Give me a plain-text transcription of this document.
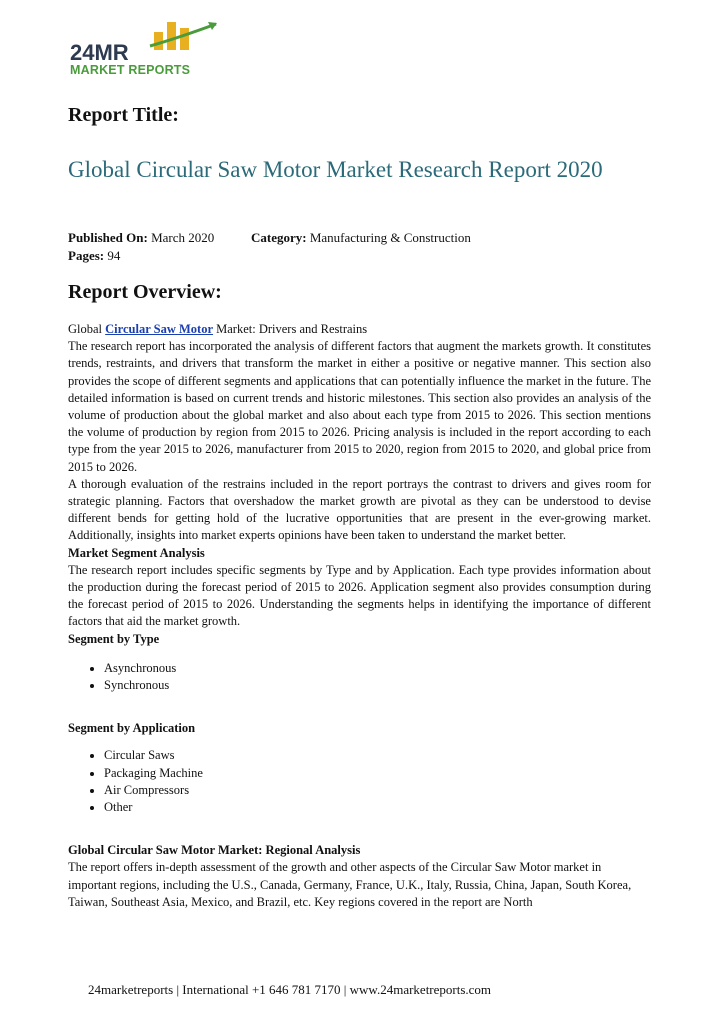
24MR
MARKET REPORTS
Report Title:
Global Circular Saw Motor Market Research Report 2020
Published On: March 2020	Category: Manufacturing & Construction
Pages: 94
Report Overview:

Global Circular Saw Motor Market: Drivers and Restrains

The research report has incorporated the analysis of different factors that augment the markets growth. It constitutes trends, restraints, and drivers that transform the market in either a positive or negative manner. This section also provides the scope of different segments and applications that can potentially influence the market in the future. The detailed information is based on current trends and historic milestones. This section also provides an analysis of the volume of production about the global market and also about each type from 2015 to 2026. This section mentions the volume of production by region from 2015 to 2026. Pricing analysis is included in the report according to each type from the year 2015 to 2026, manufacturer from 2015 to 2020, region from 2015 to 2020, and global price from 2015 to 2026.

A thorough evaluation of the restrains included in the report portrays the contrast to drivers and gives room for strategic planning. Factors that overshadow the market growth are pivotal as they can be understood to devise different bends for getting hold of the lucrative opportunities that are present in the ever-growing market. Additionally, insights into market experts opinions have been taken to understand the market better.

Market Segment Analysis

The research report includes specific segments by Type and by Application. Each type provides information about the production during the forecast period of 2015 to 2026. Application segment also provides consumption during the forecast period of 2015 to 2026. Understanding the segments helps in identifying the importance of different factors that aid the market growth.

Segment by Type

• Asynchronous
• Synchronous

Segment by Application

• Circular Saws
• Packaging Machine
• Air Compressors
• Other

Global Circular Saw Motor Market: Regional Analysis

The report offers in-depth assessment of the growth and other aspects of the Circular Saw Motor market in important regions, including the U.S., Canada, Germany, France, U.K., Italy, Russia, China, Japan, South Korea, Taiwan, Southeast Asia, Mexico, and Brazil, etc. Key regions covered in the report are North

24marketreports | International +1 646 781 7170 | www.24marketreports.com
